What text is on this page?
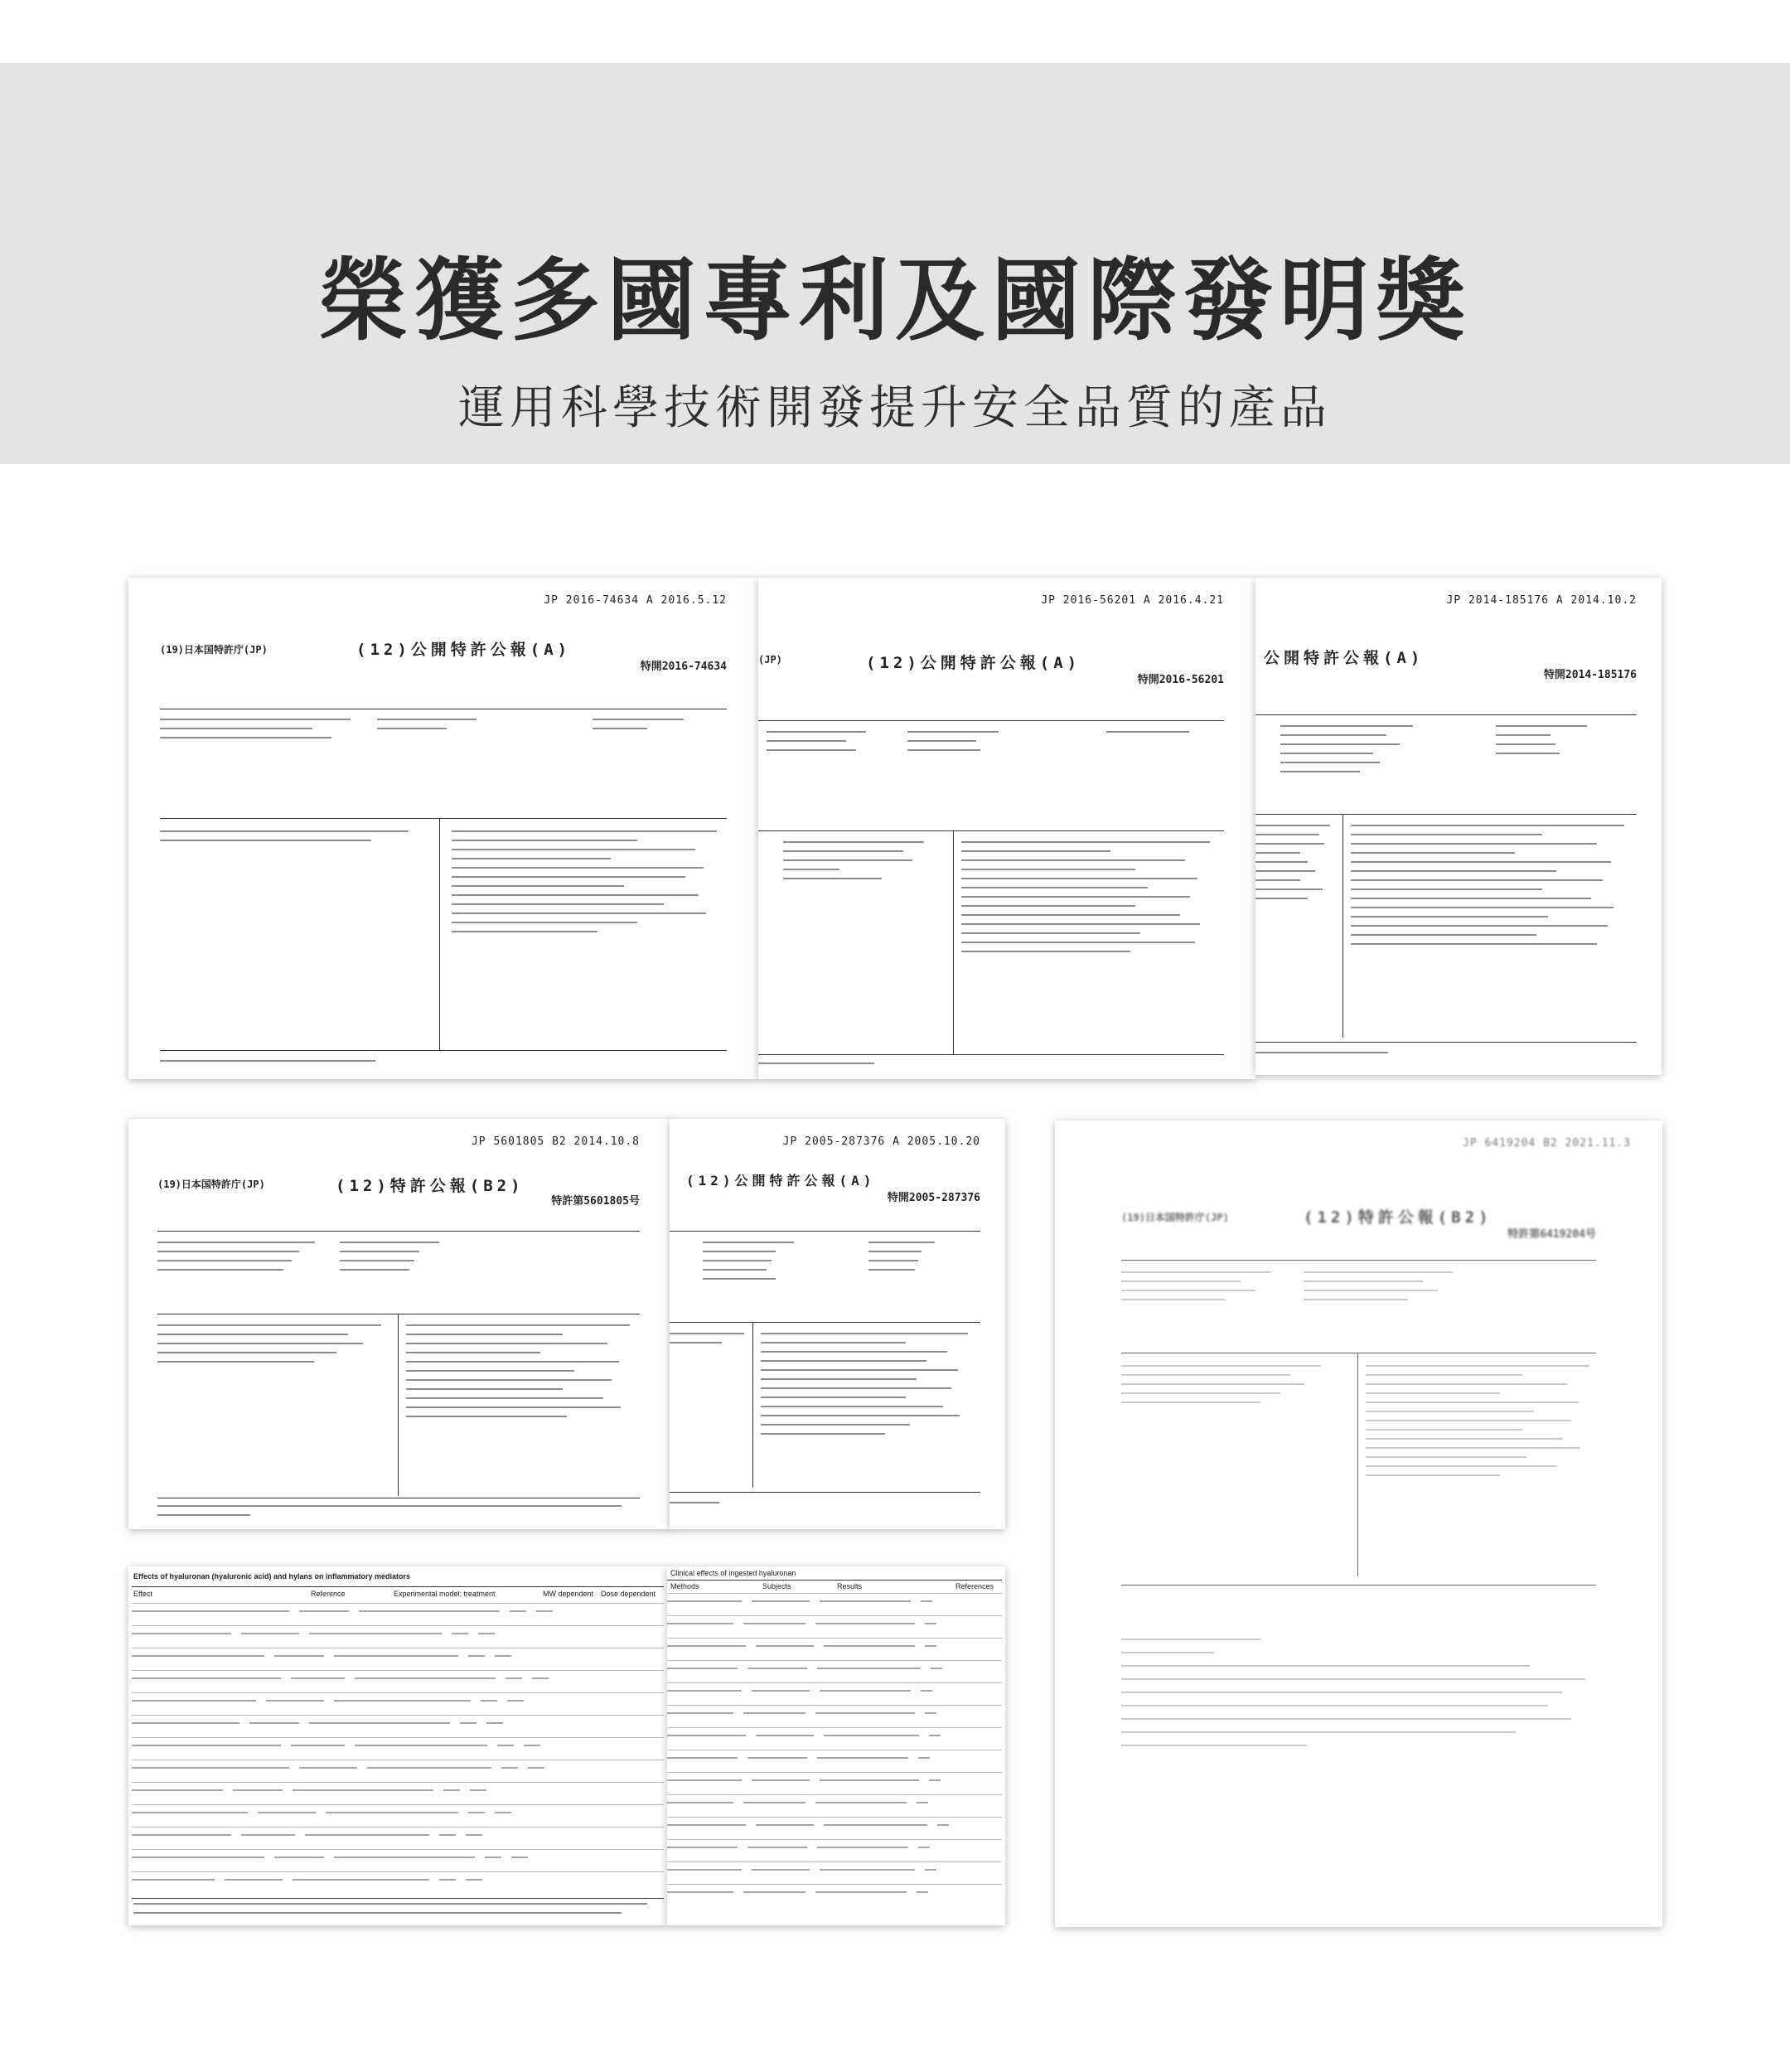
榮獲多國專利及國際發明獎
運用科學技術開發提升安全品質的產品
JP 2016-74634 A 2016.5.12
(19)日本国特許庁(JP)	(12)公開特許公報(A)
特開2016-74634
JP 2016-56201 A 2016.4.21
(JP)	(12)公開特許公報(A)
特開2016-56201
JP 2014-185176 A 2014.10.2
公開特許公報(A)
特開2014-185176
JP 5601805 B2 2014.10.8
(19)日本国特許庁(JP)	(12)特許公報(B2)
特許第5601805号
JP 2005-287376 A 2005.10.20
(12)公開特許公報(A)
特開2005-287376
JP 6419204 B2 2021.11.3
(19)日本国特許庁(JP)	(12)特許公報(B2)
特許第6419204号
Effects of hyaluronan (hyaluronic acid) and hylans on inflammatory mediators
Effect	Reference	Experimental model; treatment	MW dependent Dose dependent
Clinical effects of ingested hyaluronan
Methods	Subjects	Results	References
